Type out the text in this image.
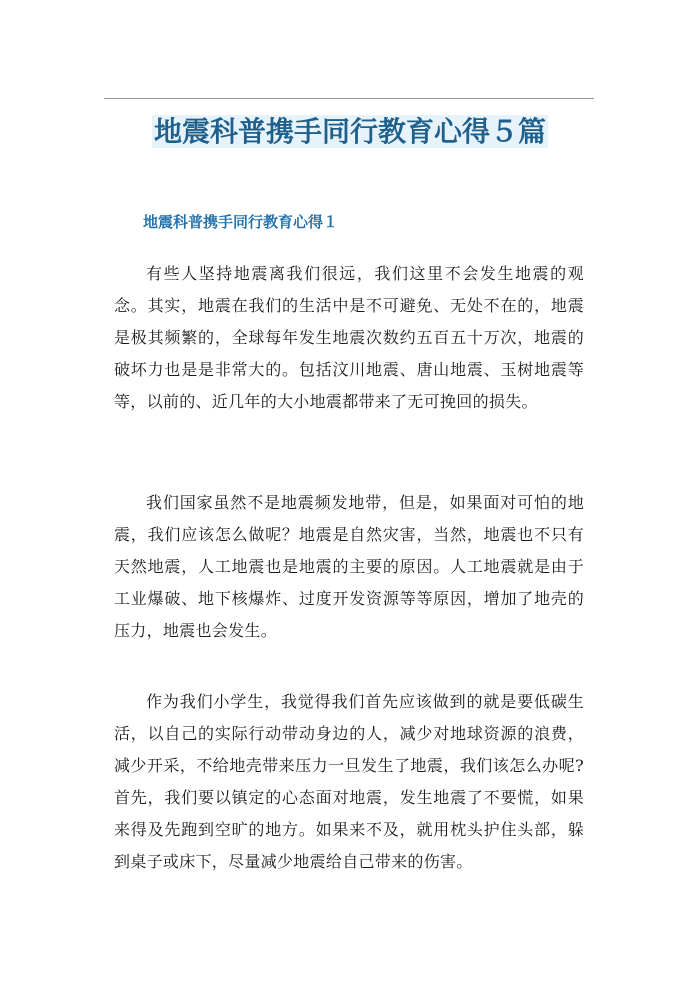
地震科普携手同行教育心得５篇
地震科普携手同行教育心得１

有些人坚持地震离我们很远，我们这里不会发生地震的观念。其实，地震在我们的生活中是不可避免、无处不在的，地震是极其频繁的，全球每年发生地震次数约五百五十万次，地震的破坏力也是是非常大的。包括汶川地震、唐山地震、玉树地震等等，以前的、近几年的大小地震都带来了无可挽回的损失。

我们国家虽然不是地震频发地带，但是，如果面对可怕的地震，我们应该怎么做呢？地震是自然灾害，当然，地震也不只有天然地震，人工地震也是地震的主要的原因。人工地震就是由于工业爆破、地下核爆炸、过度开发资源等等原因，增加了地壳的压力，地震也会发生。

作为我们小学生，我觉得我们首先应该做到的就是要低碳生活，以自己的实际行动带动身边的人，减少对地球资源的浪费，减少开采，不给地壳带来压力一旦发生了地震，我们该怎么办呢?首先，我们要以镇定的心态面对地震，发生地震了不要慌，如果来得及先跑到空旷的地方。如果来不及，就用枕头护住头部，躲到桌子或床下，尽量减少地震给自己带来的伤害。
